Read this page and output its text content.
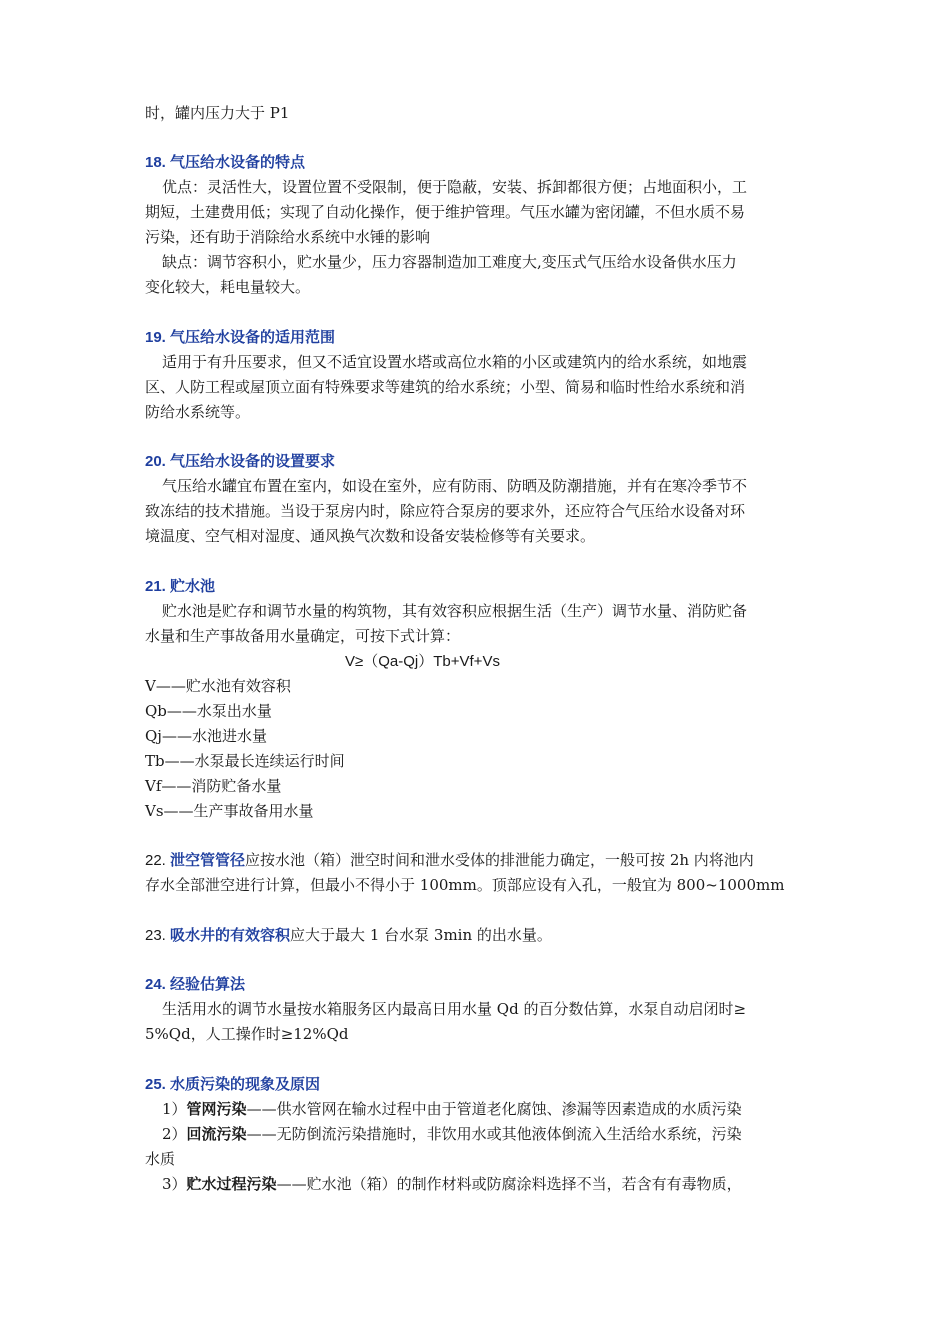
时，罐内压力大于 P1
18. 气压给水设备的特点
优点：灵活性大，设置位置不受限制，便于隐蔽，安装、拆卸都很方便；占地面积小，工
期短，土建费用低；实现了自动化操作，便于维护管理。气压水罐为密闭罐，不但水质不易
污染，还有助于消除给水系统中水锤的影响
缺点：调节容积小，贮水量少，压力容器制造加工难度大,变压式气压给水设备供水压力
变化较大，耗电量较大。
19. 气压给水设备的适用范围
适用于有升压要求，但又不适宜设置水塔或高位水箱的小区或建筑内的给水系统，如地震
区、人防工程或屋顶立面有特殊要求等建筑的给水系统；小型、简易和临时性给水系统和消
防给水系统等。
20. 气压给水设备的设置要求
气压给水罐宜布置在室内，如设在室外，应有防雨、防晒及防潮措施，并有在寒冷季节不
致冻结的技术措施。当设于泵房内时，除应符合泵房的要求外，还应符合气压给水设备对环
境温度、空气相对湿度、通风换气次数和设备安装检修等有关要求。
21. 贮水池
贮水池是贮存和调节水量的构筑物，其有效容积应根据生活（生产）调节水量、消防贮备
水量和生产事故备用水量确定，可按下式计算：
V≥（Qa-Qj）Tb+Vf+Vs
V——贮水池有效容积
Qb——水泵出水量
Qj——水池进水量
Tb——水泵最长连续运行时间
Vf——消防贮备水量
Vs——生产事故备用水量
22. 泄空管管径应按水池（箱）泄空时间和泄水受体的排泄能力确定，一般可按 2h 内将池内
存水全部泄空进行计算，但最小不得小于 100mm。顶部应设有入孔，一般宜为 800~1000mm
23. 吸水井的有效容积应大于最大 1 台水泵 3min 的出水量。
24. 经验估算法
生活用水的调节水量按水箱服务区内最高日用水量 Qd 的百分数估算，水泵自动启闭时≥
5%Qd，人工操作时≥12%Qd
25. 水质污染的现象及原因
1）管网污染——供水管网在输水过程中由于管道老化腐蚀、渗漏等因素造成的水质污染
2）回流污染——无防倒流污染措施时，非饮用水或其他液体倒流入生活给水系统，污染
水质
3）贮水过程污染——贮水池（箱）的制作材料或防腐涂料选择不当，若含有有毒物质，
